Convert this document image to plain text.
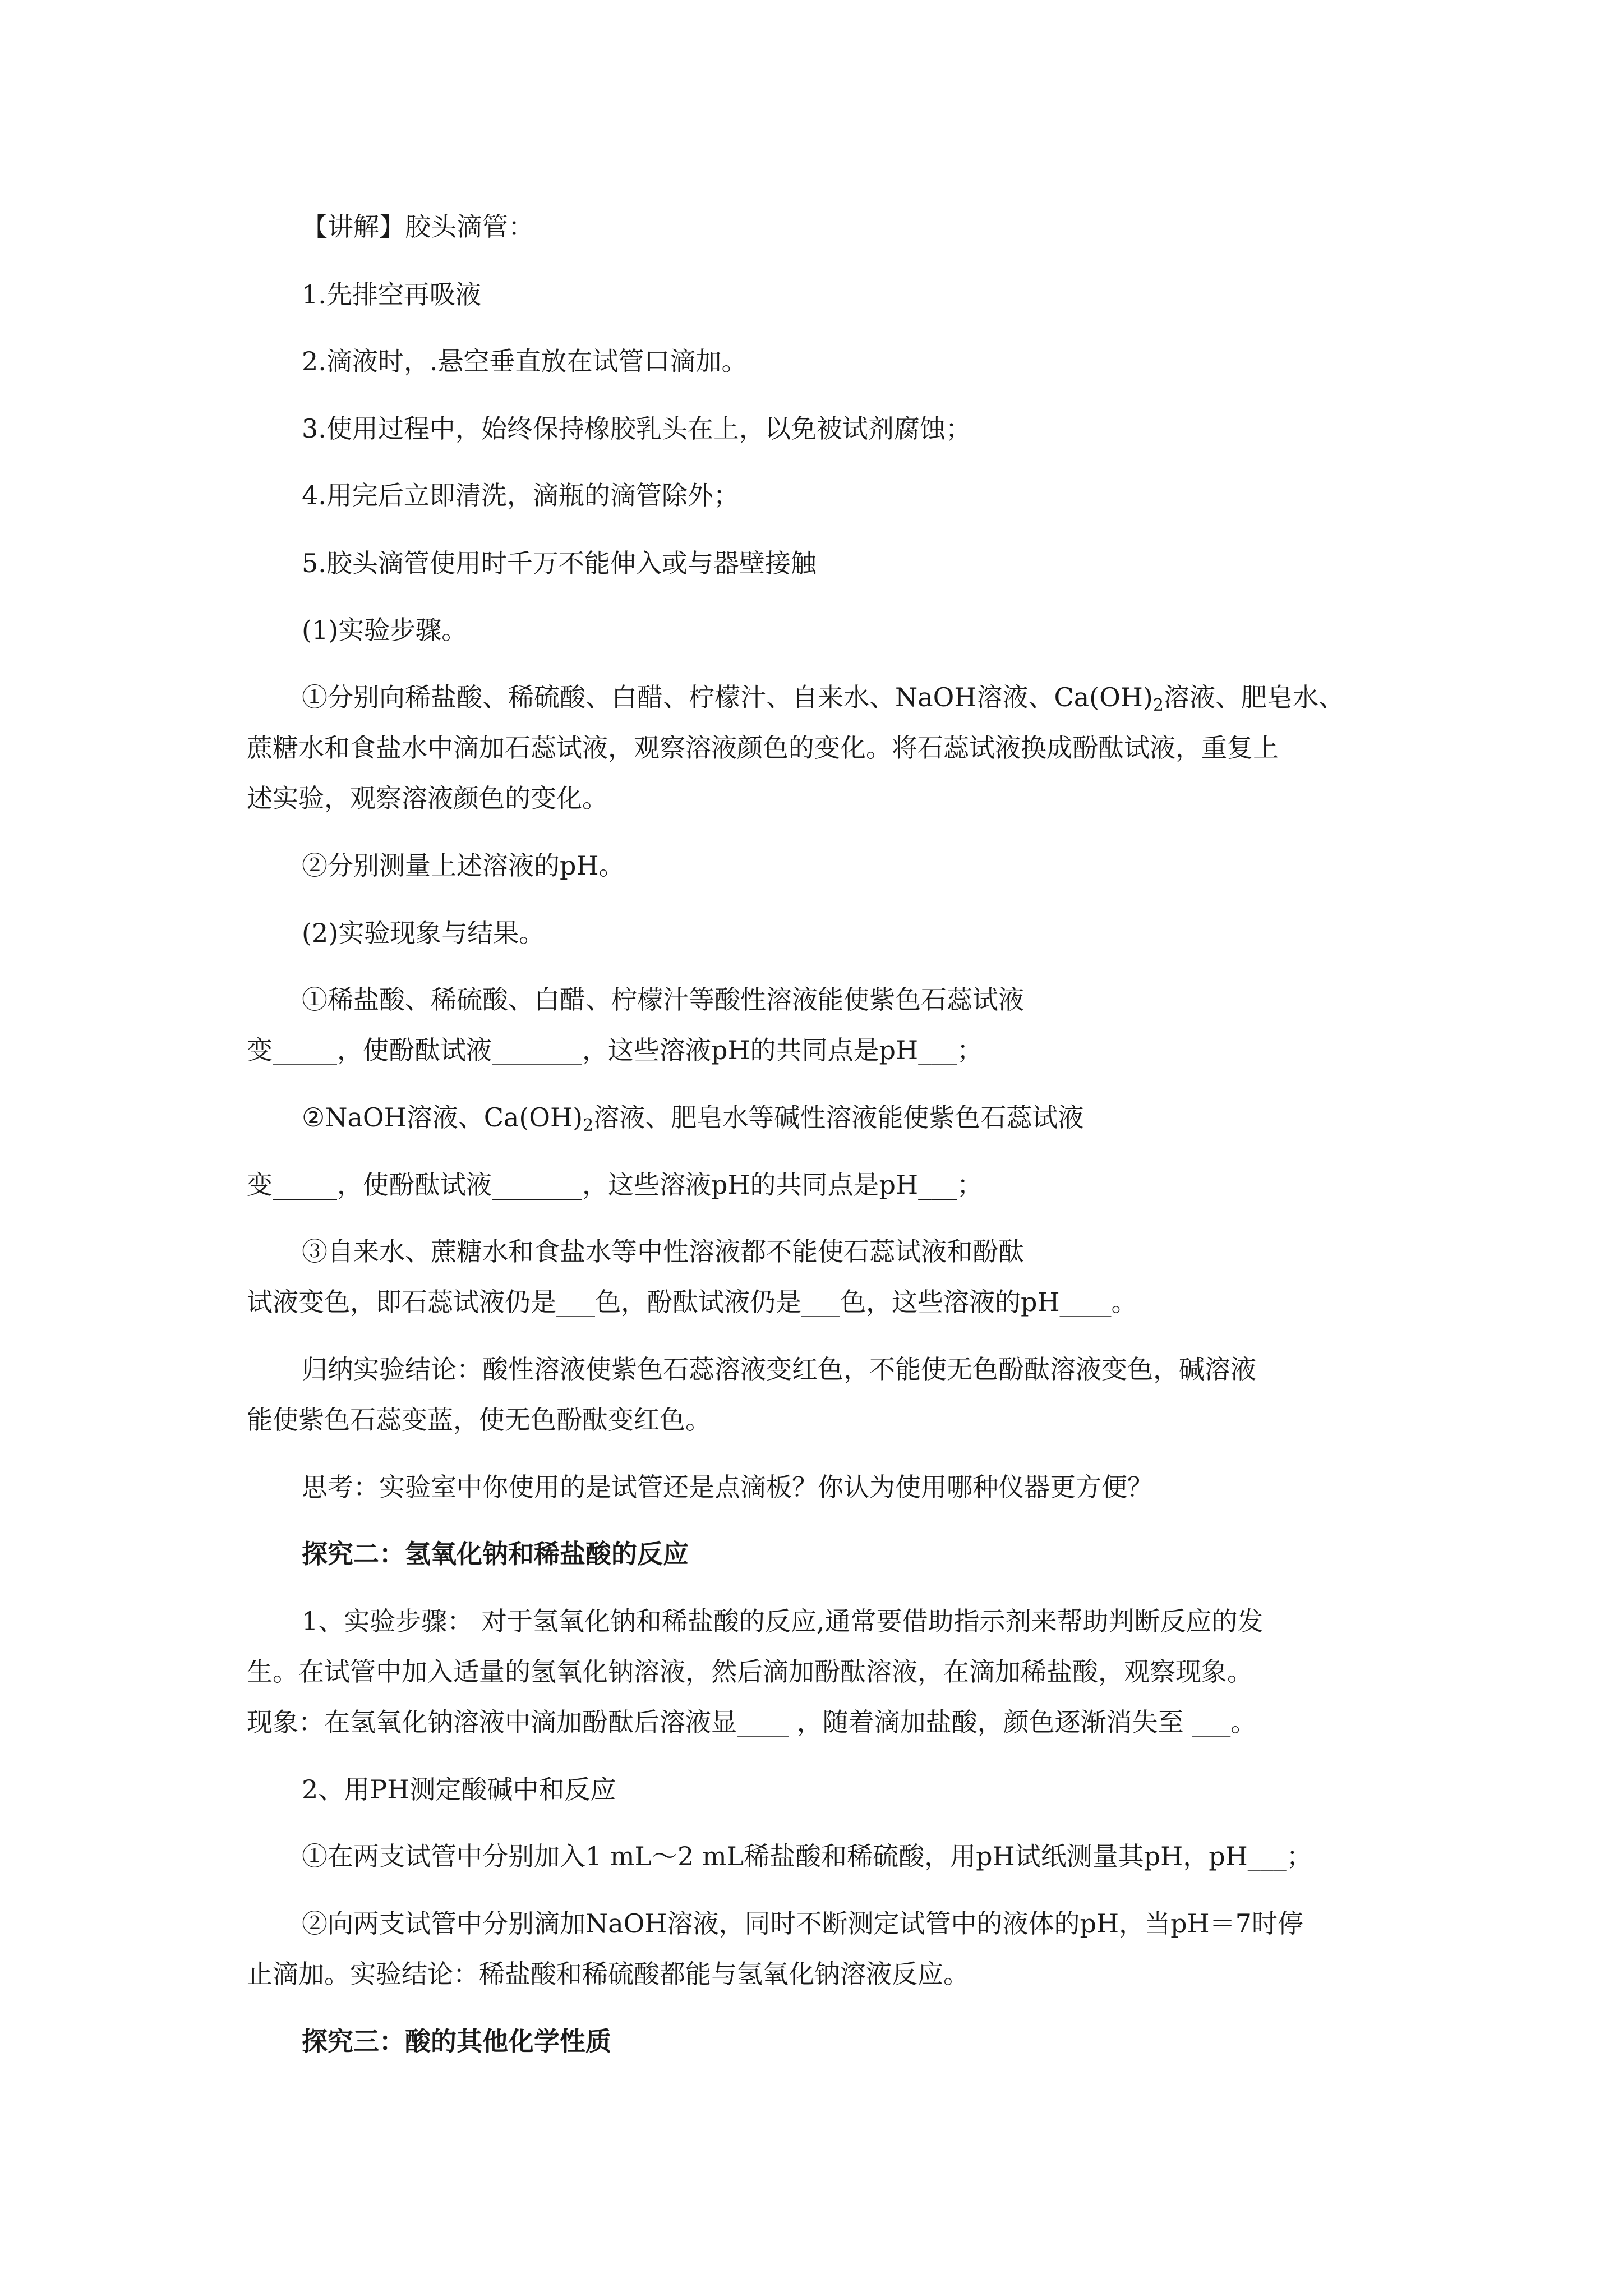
【讲解】胶头滴管：

1.先排空再吸液

2.滴液时，.悬空垂直放在试管口滴加。

3.使用过程中，始终保持橡胶乳头在上，以免被试剂腐蚀；

4.用完后立即清洗，滴瓶的滴管除外；

5.胶头滴管使用时千万不能伸入或与器壁接触

(1)实验步骤。

①分别向稀盐酸、稀硫酸、白醋、柠檬汁、自来水、NaOH溶液、$Ca(OH)_2$溶液、肥皂水、

蔗糖水和食盐水中滴加石蕊试液，观察溶液颜色的变化。将石蕊试液换成酚酞试液，重复上

述实验，观察溶液颜色的变化。

②分别测量上述溶液的pH。

(2)实验现象与结果。

①稀盐酸、稀硫酸、白醋、柠檬汁等酸性溶液能使紫色石蕊试液

变_____，使酚酞试液_______，这些溶液pH的共同点是pH___；

②NaOH溶液、$Ca(OH)_2$溶液、肥皂水等碱性溶液能使紫色石蕊试液

变_____，使酚酞试液_______，这些溶液pH的共同点是pH___；

③自来水、蔗糖水和食盐水等中性溶液都不能使石蕊试液和酚酞

试液变色，即石蕊试液仍是___色，酚酞试液仍是___色，这些溶液的pH____。

归纳实验结论：酸性溶液使紫色石蕊溶液变红色，不能使无色酚酞溶液变色，碱溶液

能使紫色石蕊变蓝，使无色酚酞变红色。

思考：实验室中你使用的是试管还是点滴板？你认为使用哪种仪器更方便？

探究二：氢氧化钠和稀盐酸的反应

1、实验步骤： 对于氢氧化钠和稀盐酸的反应,通常要借助指示剂来帮助判断反应的发

生。在试管中加入适量的氢氧化钠溶液，然后滴加酚酞溶液，在滴加稀盐酸，观察现象。

现象：在氢氧化钠溶液中滴加酚酞后溶液显____ ，随着滴加盐酸，颜色逐渐消失至 ___。

2、用PH测定酸碱中和反应

①在两支试管中分别加入1 mL～2 mL稀盐酸和稀硫酸，用pH试纸测量其pH，pH___；

②向两支试管中分别滴加NaOH溶液，同时不断测定试管中的液体的pH，当pH＝7时停

止滴加。实验结论：稀盐酸和稀硫酸都能与氢氧化钠溶液反应。

探究三：酸的其他化学性质
